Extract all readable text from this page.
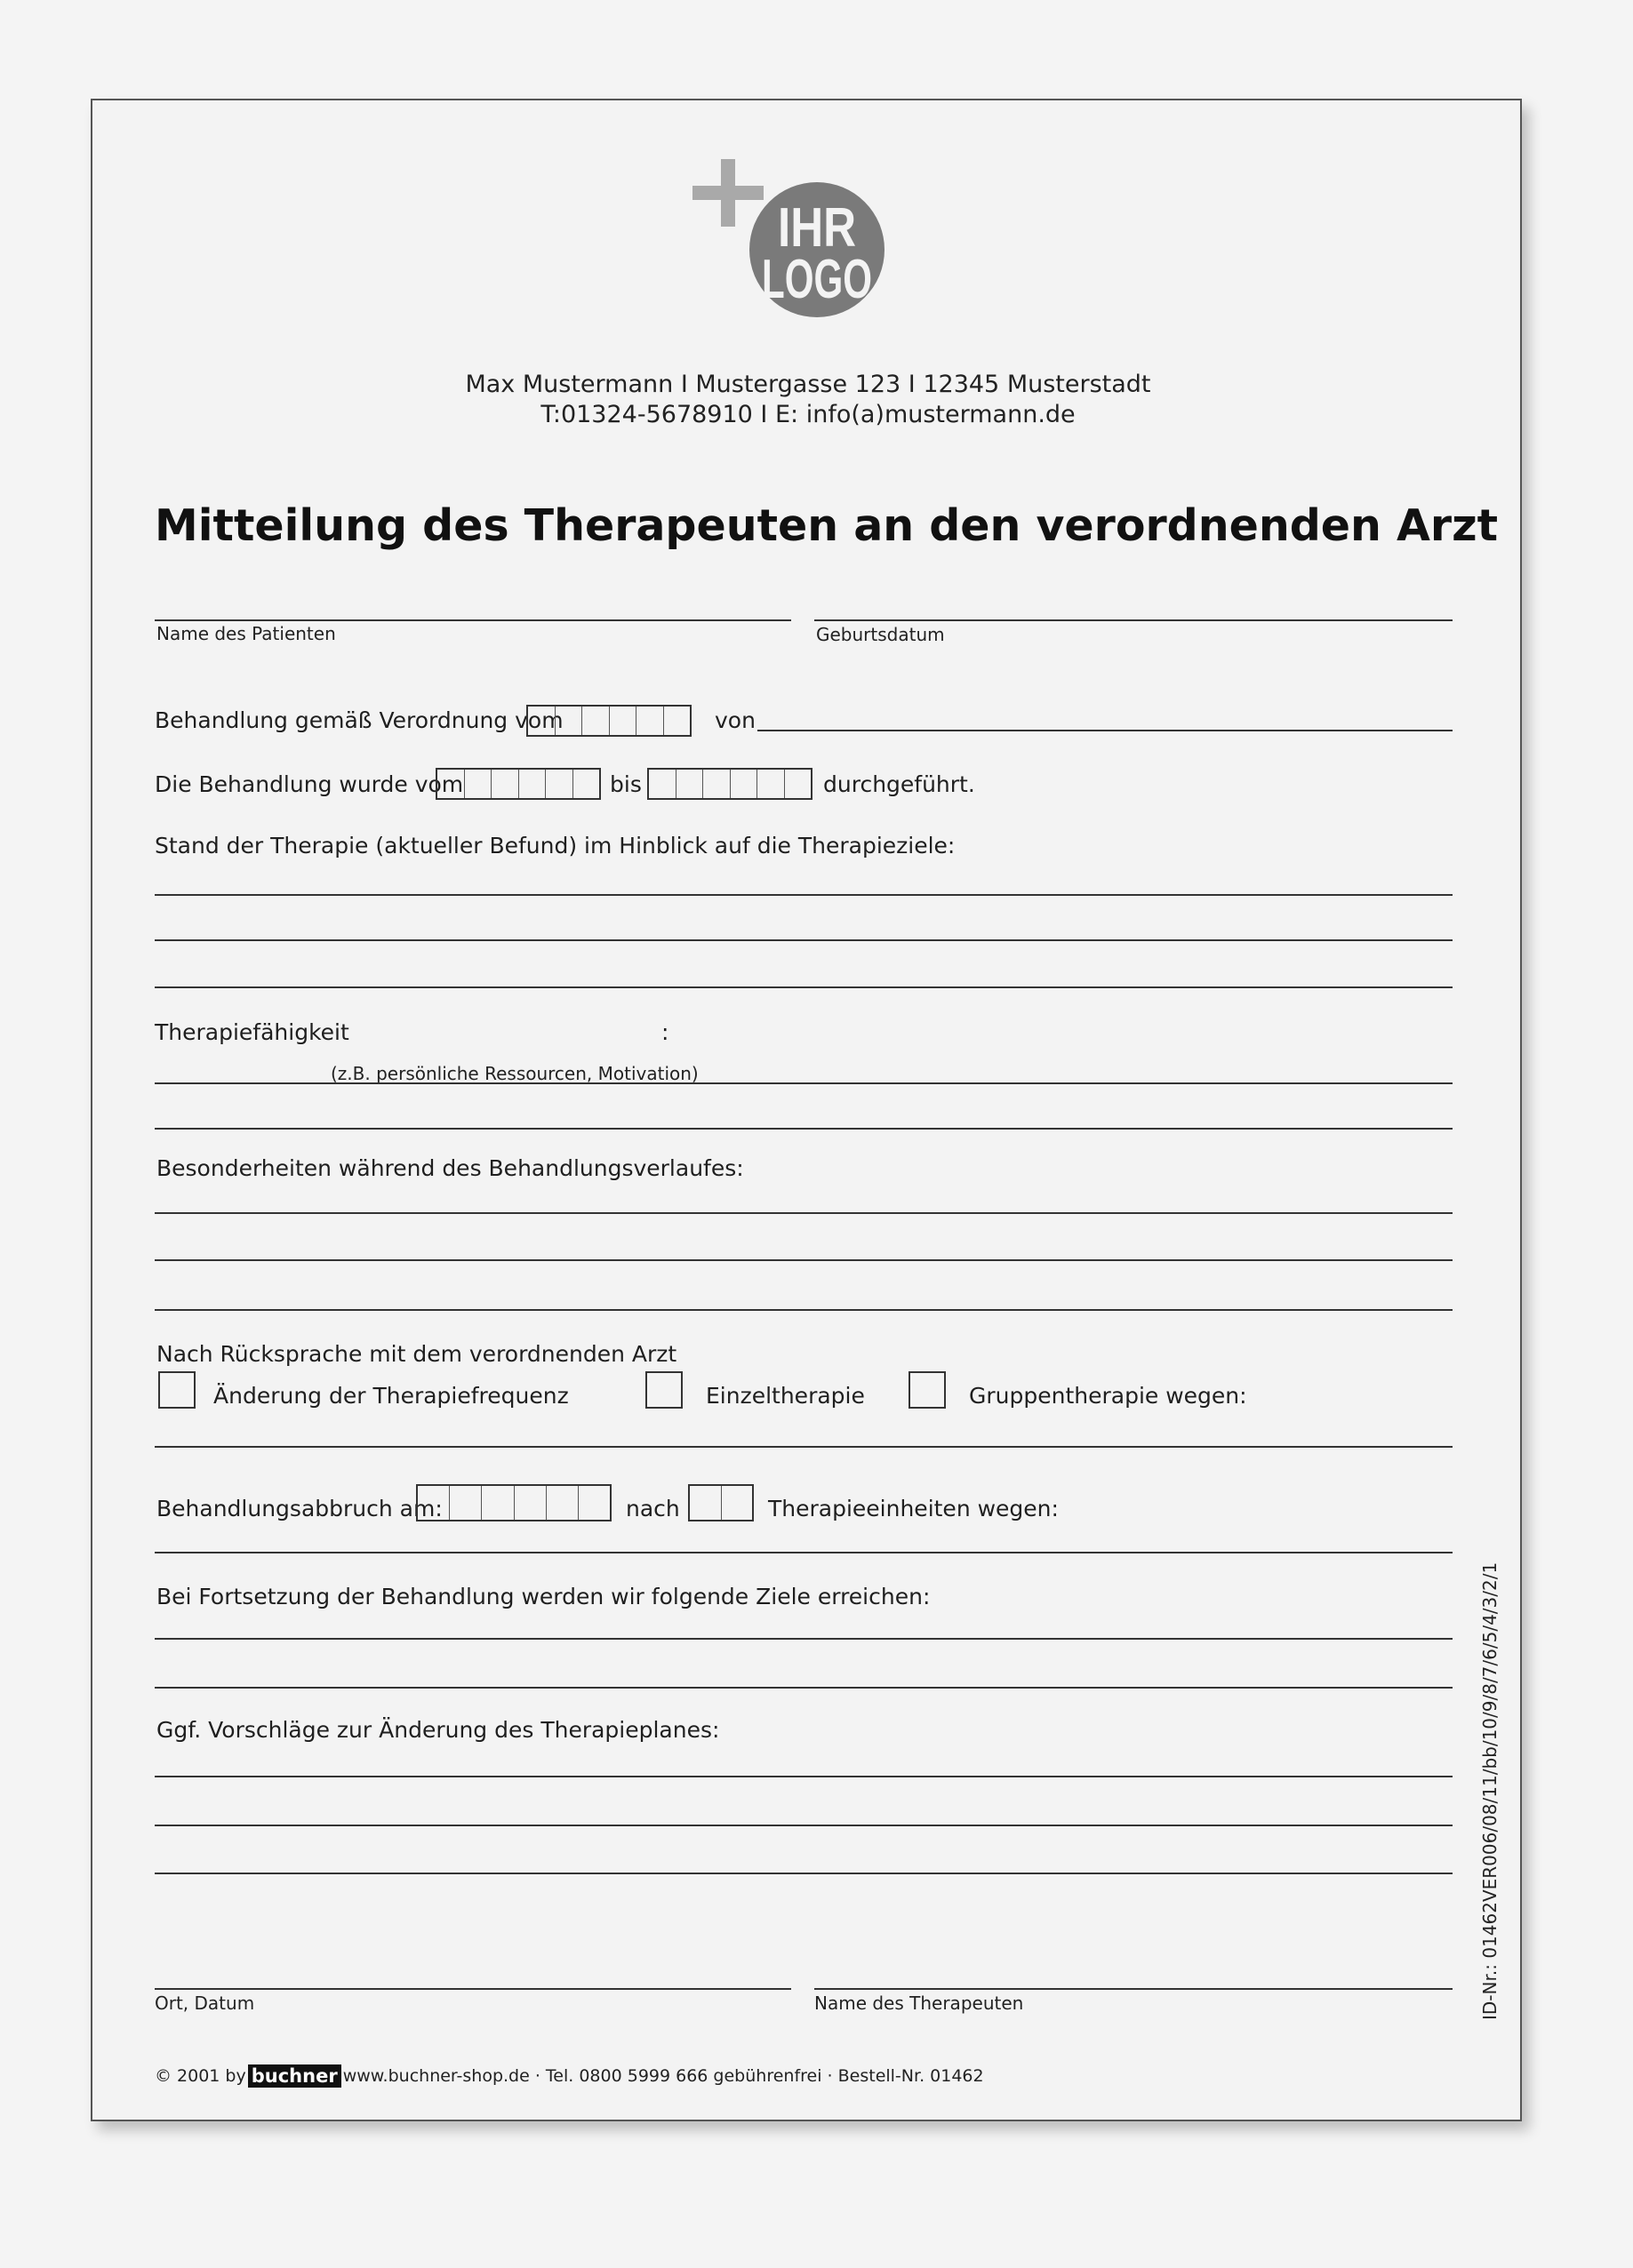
IHR
LOGO
Max Mustermann I Mustergasse 123 I 12345 Musterstadt
T:01324-5678910 I E: info(a)mustermann.de
Mitteilung des Therapeuten an den verordnenden Arzt
Name des Patienten	Geburtsdatum
Behandlung gemäß Verordnung vom	von
Die Behandlung wurde vom	bis	durchgeführt.
Stand der Therapie (aktueller Befund) im Hinblick auf die Therapieziele:
Therapiefähigkeit	:
(z.B. persönliche Ressourcen, Motivation)
Besonderheiten während des Behandlungsverlaufes:
Nach Rücksprache mit dem verordnenden Arzt
Änderung der Therapiefrequenz	Einzeltherapie	Gruppentherapie wegen:
Behandlungsabbruch am:	nach	Therapieeinheiten wegen:
Bei Fortsetzung der Behandlung werden wir folgende Ziele erreichen:
Ggf. Vorschläge zur Änderung des Therapieplanes:
Ort, Datum	Name des Therapeuten	ID-Nr.: 01462VER006/08/11/bb/10/9/8/7/6/5/4/3/2/1
© 2001 by buchner www.buchner-shop.de · Tel. 0800 5999 666 gebührenfrei · Bestell-Nr. 01462
